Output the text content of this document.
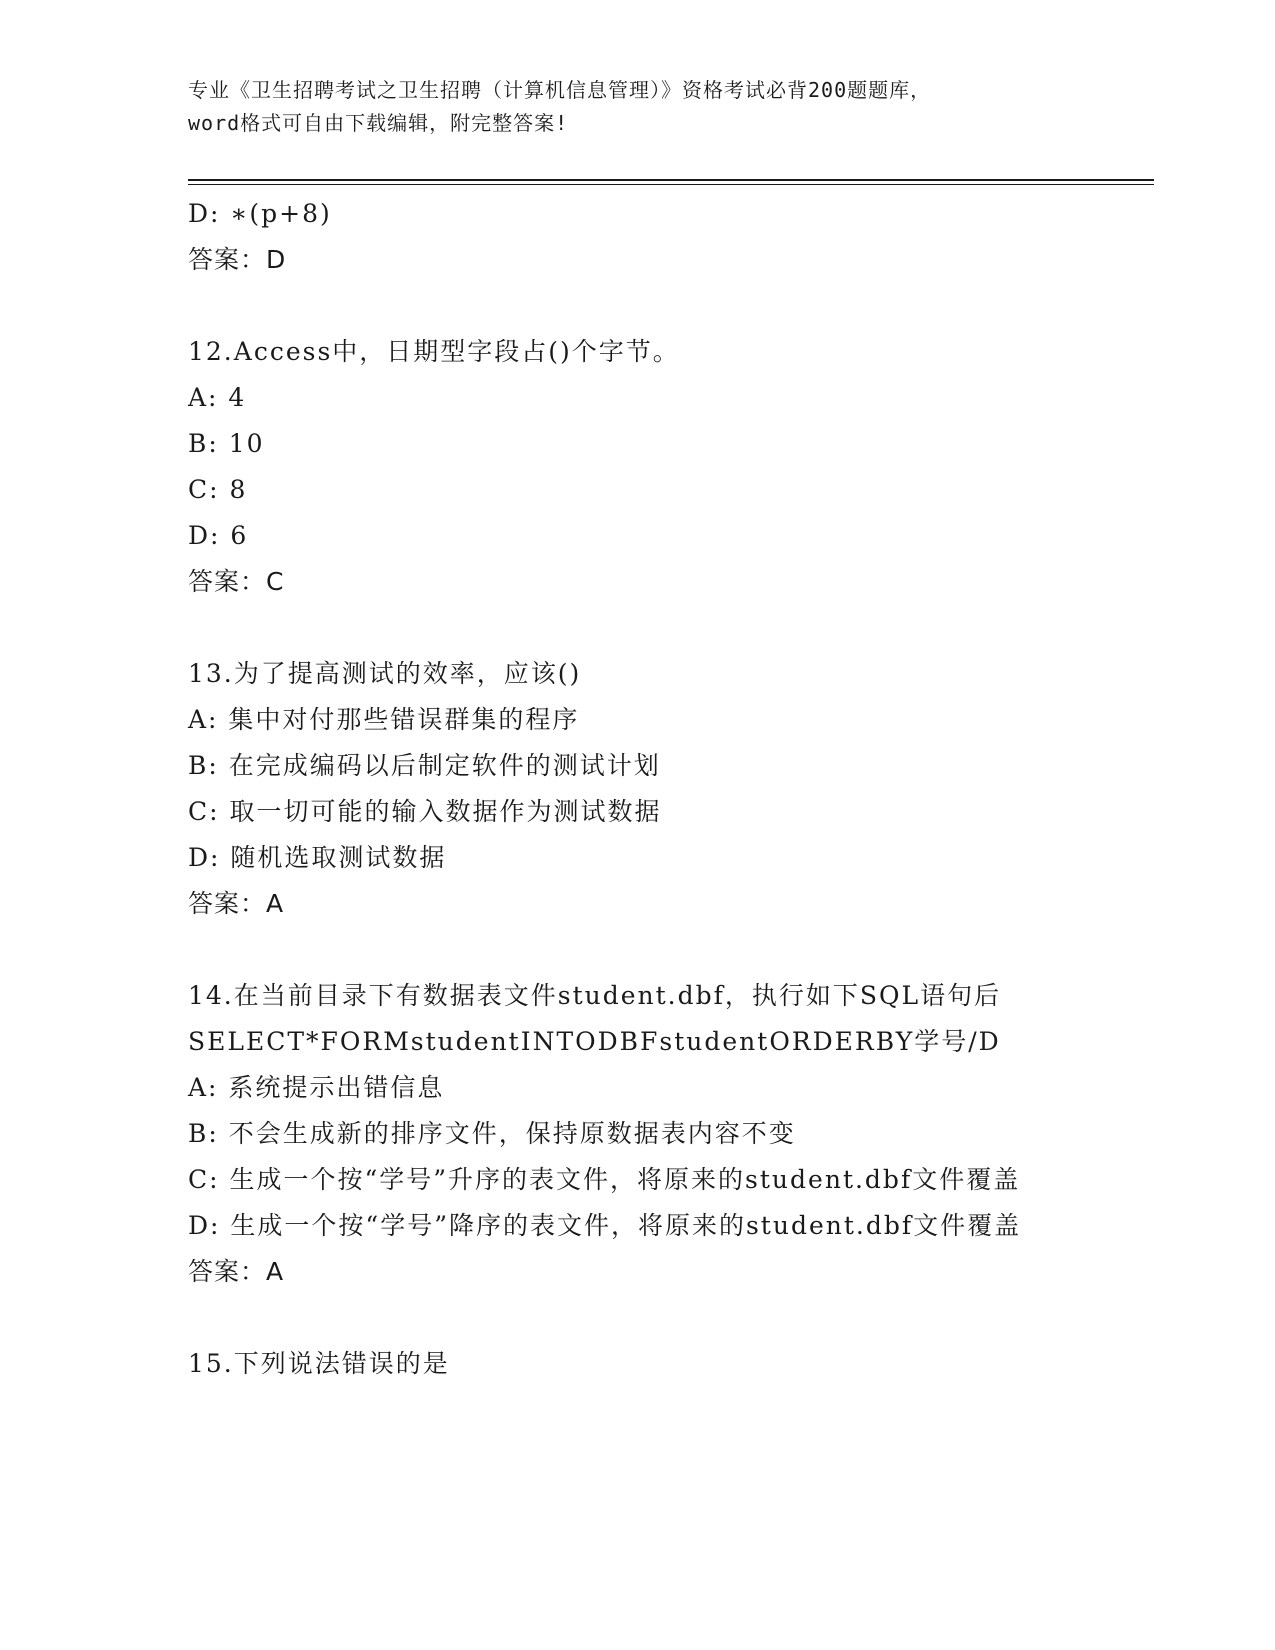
专业《卫生招聘考试之卫生招聘（计算机信息管理）》资格考试必背200题题库，
word格式可自由下载编辑，附完整答案!
D: ∗(p+8)
答案：D
12.Access中，日期型字段占()个字节。
A: 4
B: 10
C: 8
D: 6
答案：C
13.为了提高测试的效率，应该()
A: 集中对付那些错误群集的程序
B: 在完成编码以后制定软件的测试计划
C: 取一切可能的输入数据作为测试数据
D: 随机选取测试数据
答案：A
14.在当前目录下有数据表文件student.dbf，执行如下SQL语句后
SELECT*FORMstudentINTODBFstudentORDERBY学号/D
A: 系统提示出错信息
B: 不会生成新的排序文件，保持原数据表内容不变
C: 生成一个按“学号”升序的表文件，将原来的student.dbf文件覆盖
D: 生成一个按“学号”降序的表文件，将原来的student.dbf文件覆盖
答案：A
15.下列说法错误的是
